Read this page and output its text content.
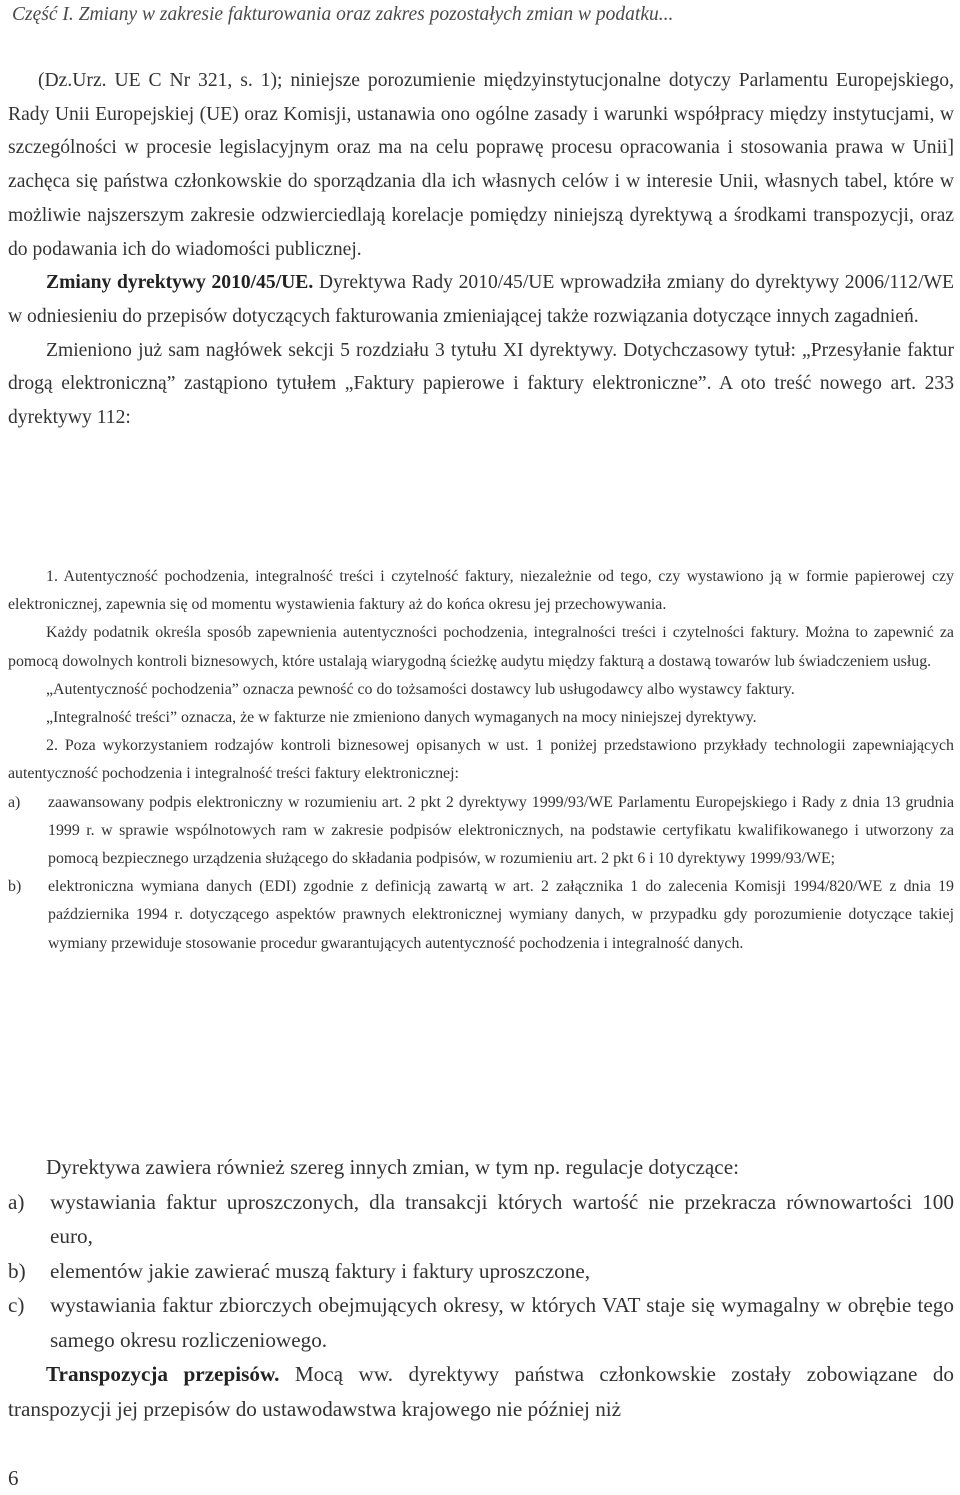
Część I. Zmiany w zakresie fakturowania oraz zakres pozostałych zmian w podatku...

(Dz.Urz. UE C Nr 321, s. 1); niniejsze porozumienie międzyinstytucjonalne dotyczy Parlamentu Europejskiego, Rady Unii Europejskiej (UE) oraz Komisji, ustanawia ono ogólne zasady i warunki współpracy między instytucjami, w szczególności w procesie legislacyjnym oraz ma na celu poprawę procesu opracowania i stosowania prawa w Unii] zachęca się państwa członkowskie do sporządzania dla ich własnych celów i w interesie Unii, własnych tabel, które w możliwie najszerszym zakresie odzwierciedlają korelacje pomiędzy niniejszą dyrektywą a środkami transpozycji, oraz do podawania ich do wiadomości publicznej.

Zmiany dyrektywy 2010/45/UE. Dyrektywa Rady 2010/45/UE wprowadziła zmiany do dyrektywy 2006/112/WE w odniesieniu do przepisów dotyczących fakturowania zmieniającej także rozwiązania dotyczące innych zagadnień.

Zmieniono już sam nagłówek sekcji 5 rozdziału 3 tytułu XI dyrektywy. Dotychczasowy tytuł: „Przesyłanie faktur drogą elektroniczną” zastąpiono tytułem „Faktury papierowe i faktury elektroniczne”. A oto treść nowego art. 233 dyrektywy 112:

1. Autentyczność pochodzenia, integralność treści i czytelność faktury, niezależnie od tego, czy wystawiono ją w formie papierowej czy elektronicznej, zapewnia się od momentu wystawienia faktury aż do końca okresu jej przechowywania.

Każdy podatnik określa sposób zapewnienia autentyczności pochodzenia, integralności treści i czytelności faktury. Można to zapewnić za pomocą dowolnych kontroli biznesowych, które ustalają wiarygodną ścieżkę audytu między fakturą a dostawą towarów lub świadczeniem usług.

„Autentyczność pochodzenia” oznacza pewność co do tożsamości dostawcy lub usługodawcy albo wystawcy faktury.

„Integralność treści” oznacza, że w fakturze nie zmieniono danych wymaganych na mocy niniejszej dyrektywy.

2. Poza wykorzystaniem rodzajów kontroli biznesowej opisanych w ust. 1 poniżej przedstawiono przykłady technologii zapewniających autentyczność pochodzenia i integralność treści faktury elektronicznej:

a)	zaawansowany podpis elektroniczny w rozumieniu art. 2 pkt 2 dyrektywy 1999/93/WE Parlamentu Europejskiego i Rady z dnia 13 grudnia 1999 r. w sprawie wspólnotowych ram w zakresie podpisów elektronicznych, na podstawie certyfikatu kwalifikowanego i utworzony za pomocą bezpiecznego urządzenia służącego do składania podpisów, w rozumieniu art. 2 pkt 6 i 10 dyrektywy 1999/93/WE;
b)	elektroniczna wymiana danych (EDI) zgodnie z definicją zawartą w art. 2 załącznika 1 do zalecenia Komisji 1994/820/WE z dnia 19 października 1994 r. dotyczącego aspektów prawnych elektronicznej wymiany danych, w przypadku gdy porozumienie dotyczące takiej wymiany przewiduje stosowanie procedur gwarantujących autentyczność pochodzenia i integralność danych.

Dyrektywa zawiera również szereg innych zmian, w tym np. regulacje dotyczące:

a)	wystawiania faktur uproszczonych, dla transakcji których wartość nie przekracza równowartości 100 euro,
b)	elementów jakie zawierać muszą faktury i faktury uproszczone,
c)	wystawiania faktur zbiorczych obejmujących okresy, w których VAT staje się wymagalny w obrębie tego samego okresu rozliczeniowego.

Transpozycja przepisów. Mocą ww. dyrektywy państwa członkowskie zostały zobowiązane do transpozycji jej przepisów do ustawodawstwa krajowego nie później niż

6
